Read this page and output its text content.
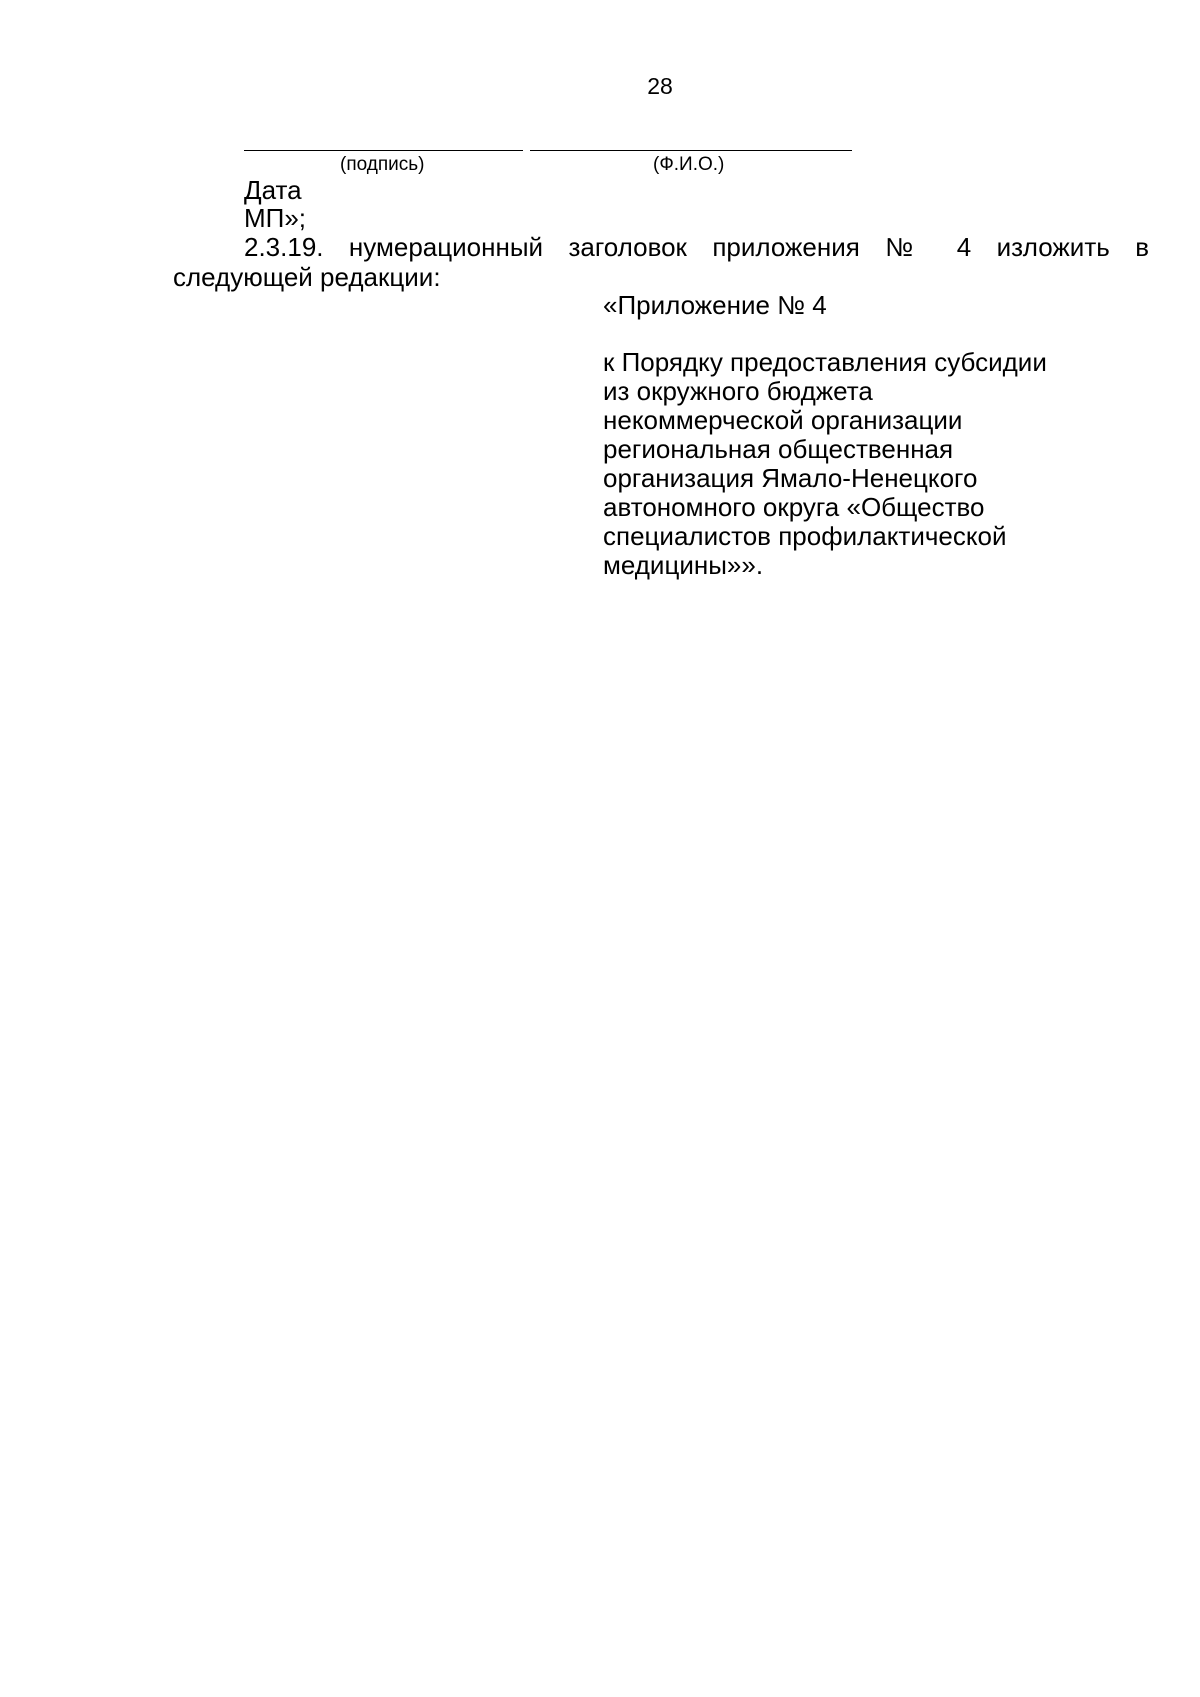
28
(подпись)	(Ф.И.О.)
Дата
МП»;
2.3.19. нумерационный заголовок приложения № 4 изложить в
следующей редакции:
«Приложение № 4
к Порядку предоставления субсидии
из окружного бюджета
некоммерческой организации
региональная общественная
организация Ямало-Ненецкого
автономного округа «Общество
специалистов профилактической
медицины»».
